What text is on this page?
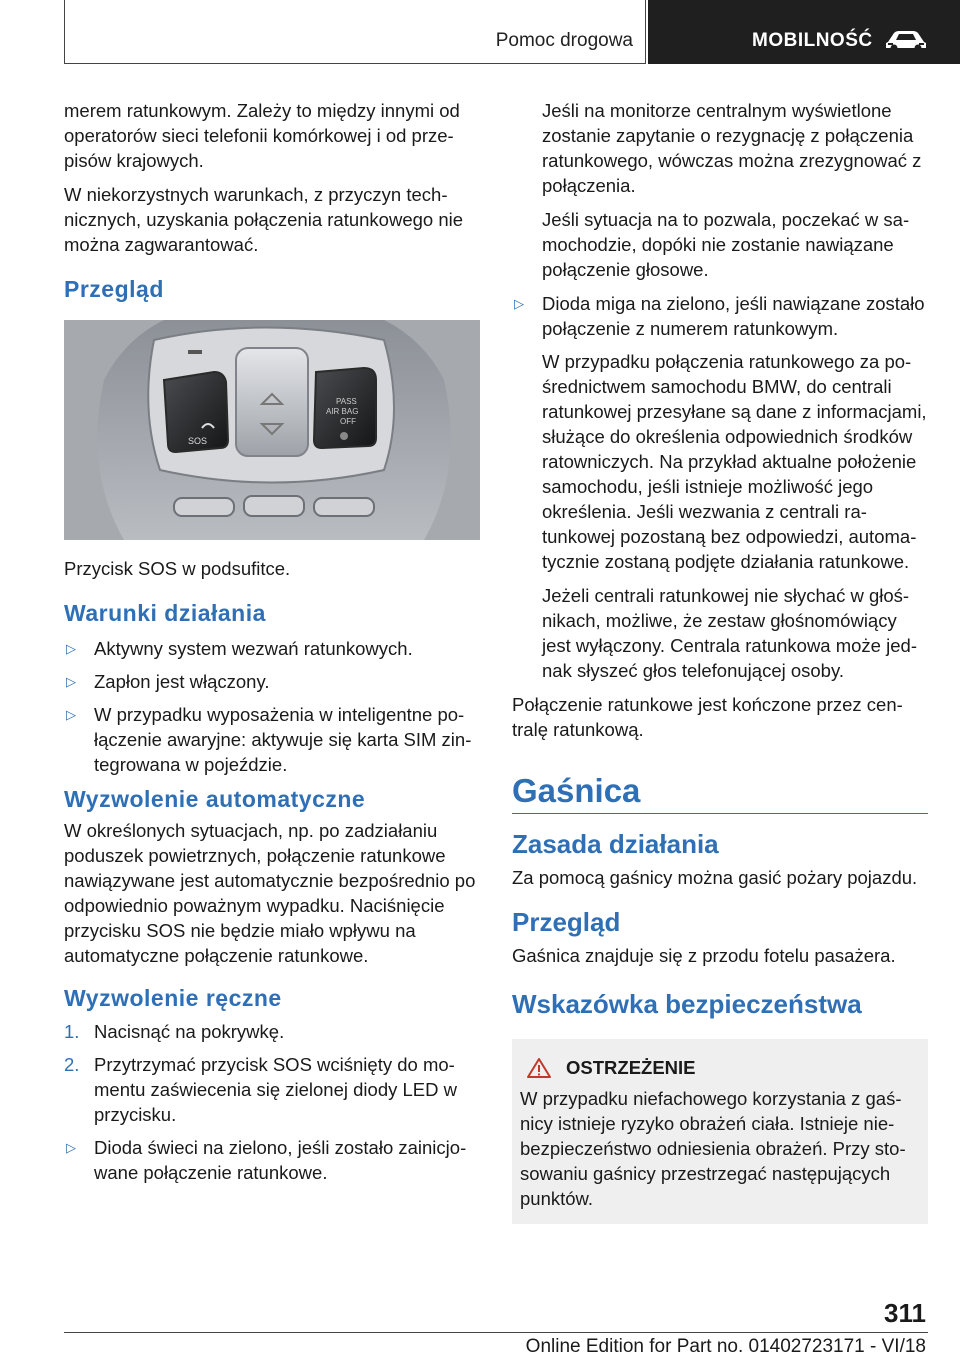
Pomoc drogowa	MOBILNOŚĆ

merem ratunkowym. Zależy to między innymi od operatorów sieci telefonii komórkowej i od przepisów krajowych.

W niekorzystnych warunkach, z przyczyn technicznych, uzyskania połączenia ratunkowego nie można zagwarantować.

Przegląd
SOS
PASS
AIR BAG
OFF

Przycisk SOS w podsufitce.

Warunki działania
▷ Aktywny system wezwań ratunkowych.
▷ Zapłon jest włączony.
▷ W przypadku wyposażenia w inteligentne połączenie awaryjne: aktywuje się karta SIM zintegrowana w pojeździe.
Wyzwolenie automatyczne

W określonych sytuacjach, np. po zadziałaniu poduszek powietrznych, połączenie ratunkowe nawiązywane jest automatycznie bezpośrednio po odpowiednio poważnym wypadku. Naciśnięcie przycisku SOS nie będzie miało wpływu na automatyczne połączenie ratunkowe.

Wyzwolenie ręczne
1. Nacisnąć na pokrywkę.
2. Przytrzymać przycisk SOS wciśnięty do momentu zaświecenia się zielonej diody LED w przycisku.
▷ Dioda świeci na zielono, jeśli zostało zainicjowane połączenie ratunkowe.

Jeśli na monitorze centralnym wyświetlone zostanie zapytanie o rezygnację z połączenia ratunkowego, wówczas można zrezygnować z połączenia.

Jeśli sytuacja na to pozwala, poczekać w samochodzie, dopóki nie zostanie nawiązane połączenie głosowe.

▷ Dioda miga na zielono, jeśli nawiązane zostało połączenie z numerem ratunkowym.

W przypadku połączenia ratunkowego za pośrednictwem samochodu BMW, do centrali ratunkowej przesyłane są dane z informacjami, służące do określenia odpowiednich środków ratowniczych. Na przykład aktualne położenie samochodu, jeśli istnieje możliwość jego określenia. Jeśli wezwania z centrali ratunkowej pozostaną bez odpowiedzi, automatycznie zostaną podjęte działania ratunkowe.

Jeżeli centrali ratunkowej nie słychać w głośnikach, możliwe, że zestaw głośnomówiący jest wyłączony. Centrala ratunkowa może jednak słyszeć głos telefonującej osoby.

Połączenie ratunkowe jest kończone przez centralę ratunkową.

Gaśnica
Zasada działania

Za pomocą gaśnicy można gasić pożary pojazdu.

Przegląd

Gaśnica znajduje się z przodu fotelu pasażera.

Wskazówka bezpieczeństwa
OSTRZEŻENIE

W przypadku niefachowego korzystania z gaśnicy istnieje ryzyko obrażeń ciała. Istnieje niebezpieczeństwo odniesienia obrażeń. Przy stosowaniu gaśnicy przestrzegać następujących punktów.

311
Online Edition for Part no. 01402723171 - VI/18
